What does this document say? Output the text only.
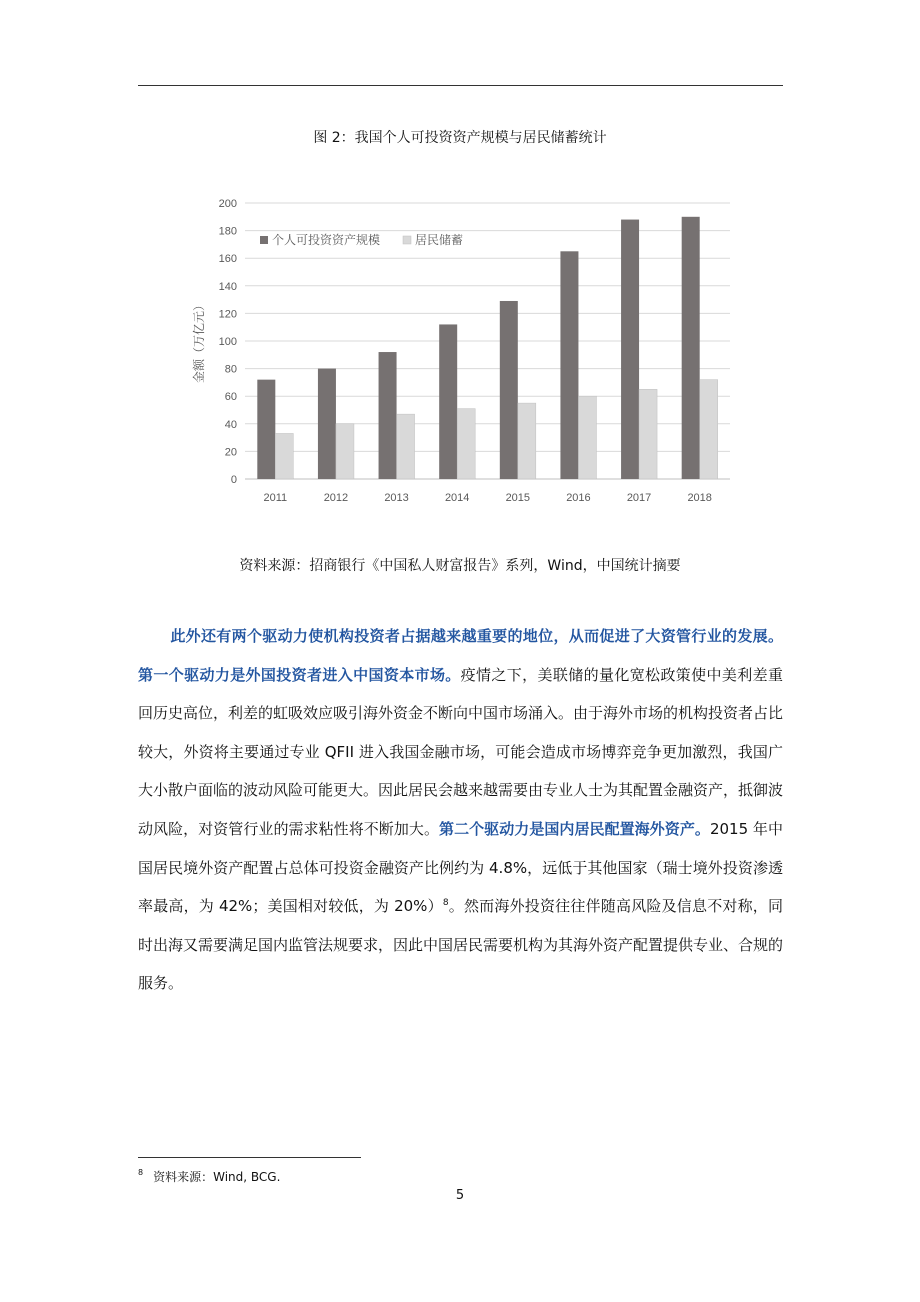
图 2：我国个人可投资资产规模与居民储蓄统计
0
20
40
60
80
100
120
140
160
180
200
金额（万亿元）
2011	2012	2013	2014	2015	2016	2017	2018
个人可投资资产规模	居民储蓄
资料来源：招商银行《中国私人财富报告》系列，Wind，中国统计摘要
此外还有两个驱动力使机构投资者占据越来越重要的地位，从而促进了大资管行业的发展。第一个驱动力是外国投资者进入中国资本市场。疫情之下，美联储的量化宽松政策使中美利差重回历史高位，利差的虹吸效应吸引海外资金不断向中国市场涌入。由于海外市场的机构投资者占比较大，外资将主要通过专业 QFII 进入我国金融市场，可能会造成市场博弈竞争更加激烈，我国广大小散户面临的波动风险可能更大。因此居民会越来越需要由专业人士为其配置金融资产，抵御波动风险，对资管行业的需求粘性将不断加大。第二个驱动力是国内居民配置海外资产。2015 年中国居民境外资产配置占总体可投资金融资产比例约为 4.8%，远低于其他国家（瑞士境外投资渗透率最高，为 42%；美国相对较低，为 20%）$^8$。然而海外投资往往伴随高风险及信息不对称，同时出海又需要满足国内监管法规要求，因此中国居民需要机构为其海外资产配置提供专业、合规的服务。
$^8$ 资料来源：Wind, BCG.
5
